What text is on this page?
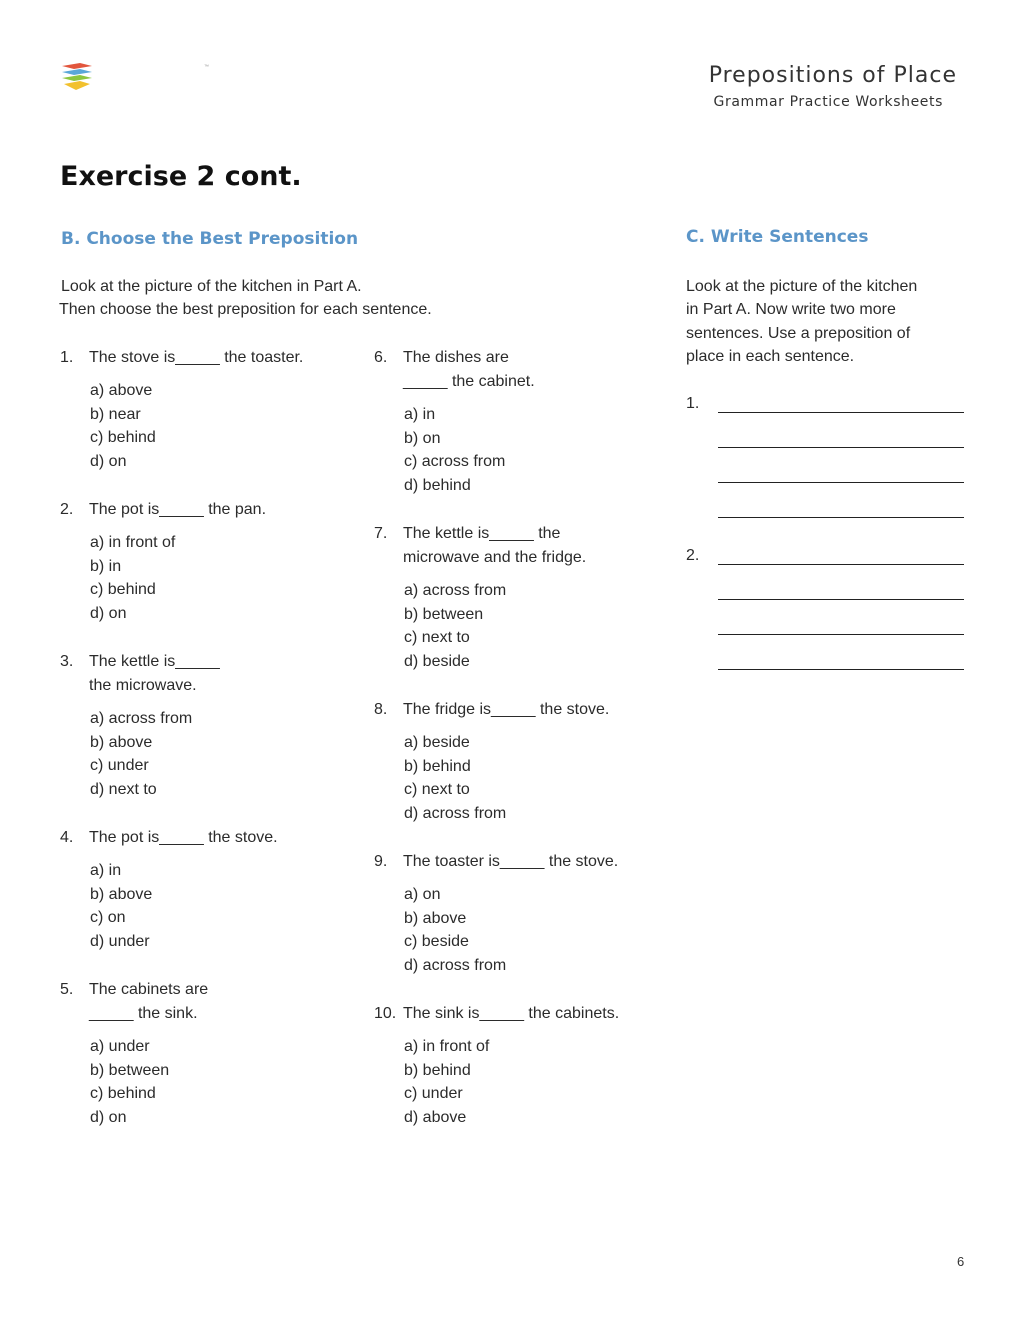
™	Prepositions of Place
Grammar Practice Worksheets
Exercise 2 cont.
B. Choose the Best Preposition
Look at the picture of the kitchen in Part A.
Then choose the best preposition for each sentence.
1. The stove is_____ the toaster.
a) above
b) near
c) behind
d) on
2. The pot is_____ the pan.
a) in front of
b) in
c) behind
d) on
3. The kettle is_____
the microwave.
a) across from
b) above
c) under
d) next to
4. The pot is_____ the stove.
a) in
b) above
c) on
d) under
5. The cabinets are
_____ the sink.
a) under
b) between
c) behind
d) on
6. The dishes are
_____ the cabinet.
a) in
b) on
c) across from
d) behind
7. The kettle is_____ the
microwave and the fridge.
a) across from
b) between
c) next to
d) beside
8. The fridge is_____ the stove.
a) beside
b) behind
c) next to
d) across from
9. The toaster is_____ the stove.
a) on
b) above
c) beside
d) across from
10. The sink is_____ the cabinets.
a) in front of
b) behind
c) under
d) above
C. Write Sentences
Look at the picture of the kitchen
in Part A. Now write two more
sentences. Use a preposition of
place in each sentence.
1.
2.
6
